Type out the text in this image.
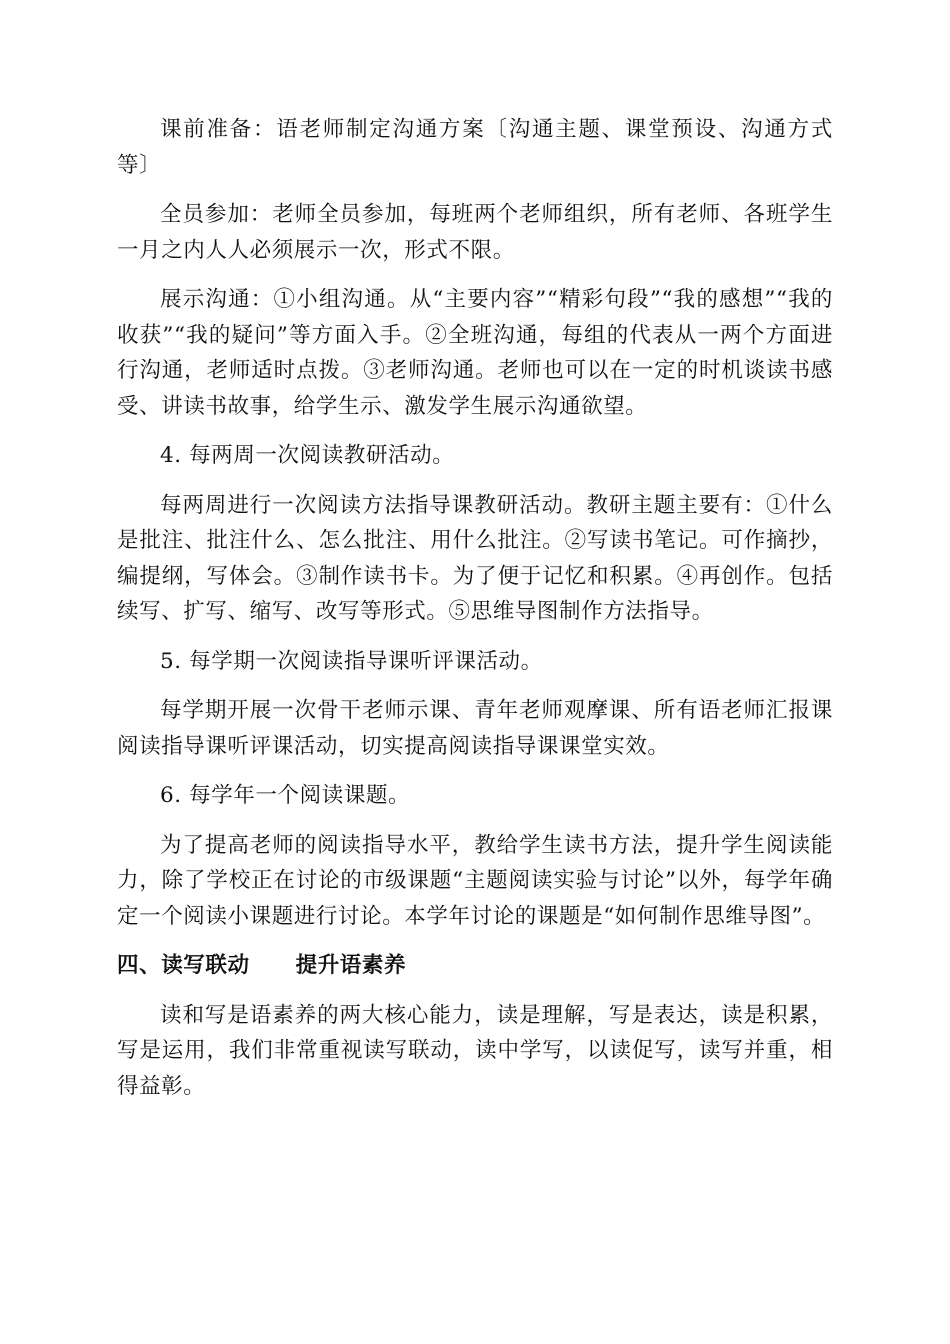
课前准备：语老师制定沟通方案〔沟通主题、课堂预设、沟通方式等〕

全员参加：老师全员参加，每班两个老师组织，所有老师、各班学生一月之内人人必须展示一次，形式不限。

展示沟通：①小组沟通。从“主要内容”“精彩句段”“我的感想”“我的收获”“我的疑问”等方面入手。②全班沟通，每组的代表从一两个方面进行沟通，老师适时点拨。③老师沟通。老师也可以在一定的时机谈读书感受、讲读书故事，给学生示、激发学生展示沟通欲望。

4. 每两周一次阅读教研活动。

每两周进行一次阅读方法指导课教研活动。教研主题主要有：①什么是批注、批注什么、怎么批注、用什么批注。②写读书笔记。可作摘抄，编提纲，写体会。③制作读书卡。为了便于记忆和积累。④再创作。包括续写、扩写、缩写、改写等形式。⑤思维导图制作方法指导。

5. 每学期一次阅读指导课听评课活动。

每学期开展一次骨干老师示课、青年老师观摩课、所有语老师汇报课阅读指导课听评课活动，切实提高阅读指导课课堂实效。

6. 每学年一个阅读课题。

为了提高老师的阅读指导水平，教给学生读书方法，提升学生阅读能力，除了学校正在讨论的市级课题“主题阅读实验与讨论”以外，每学年确定一个阅读小课题进行讨论。本学年讨论的课题是“如何制作思维导图”。

四、读写联动 提升语素养

读和写是语素养的两大核心能力，读是理解，写是表达，读是积累，写是运用，我们非常重视读写联动，读中学写，以读促写，读写并重，相得益彰。
